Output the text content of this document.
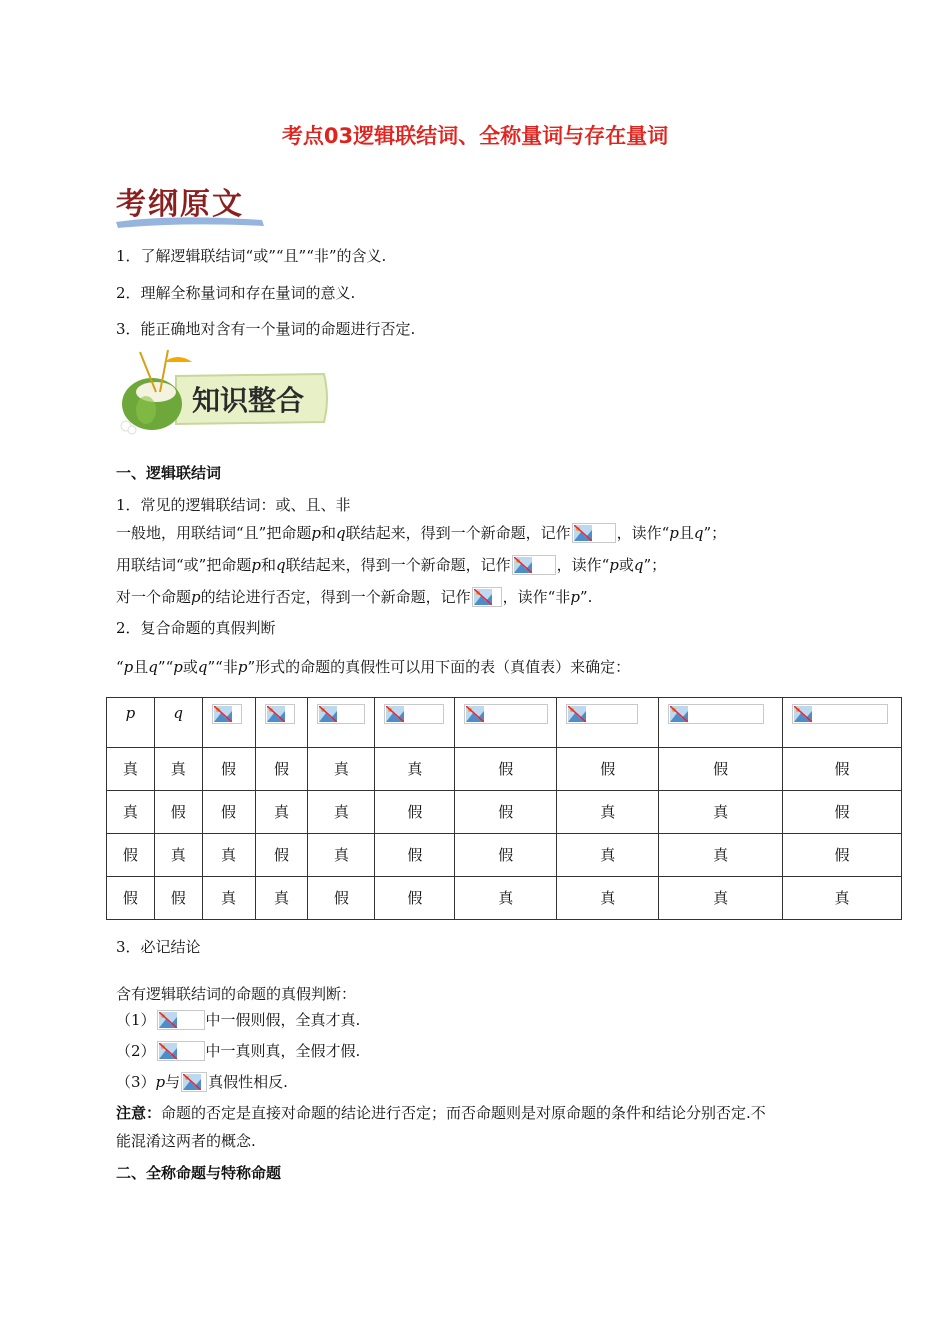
考点03逻辑联结词、全称量词与存在量词
考纲原文
1．了解逻辑联结词“或”“且”“非”的含义.
2．理解全称量词和存在量词的意义.
3．能正确地对含有一个量词的命题进行否定.
知识整合
一、逻辑联结词
1．常见的逻辑联结词：或、且、非
一般地，用联结词“且”把命题p和q联结起来，得到一个新命题，记作	，读作“p且q”；
用联结词“或”把命题p和q联结起来，得到一个新命题，记作	，读作“p或q”；
对一个命题p的结论进行否定，得到一个新命题，记作 ，读作“非p”.
2．复合命题的真假判断
“p且q”“p或q”“非p”形式的命题的真假性可以用下面的表（真值表）来确定：
p	q	

真	真	假	假	真	真	假	假	假	假
真	假	假	真	真	假	假	真	真	假
假	真	真	假	真	假	假	真	真	假
假	假	真	真	假	假	真	真	真	真
3．必记结论
含有逻辑联结词的命题的真假判断：
（1）	中一假则假，全真才真.
（2）	中一真则真，全假才假.
（3）p与 真假性相反.
注意：命题的否定是直接对命题的结论进行否定；而否命题则是对原命题的条件和结论分别否定.不
能混淆这两者的概念.
二、全称命题与特称命题
